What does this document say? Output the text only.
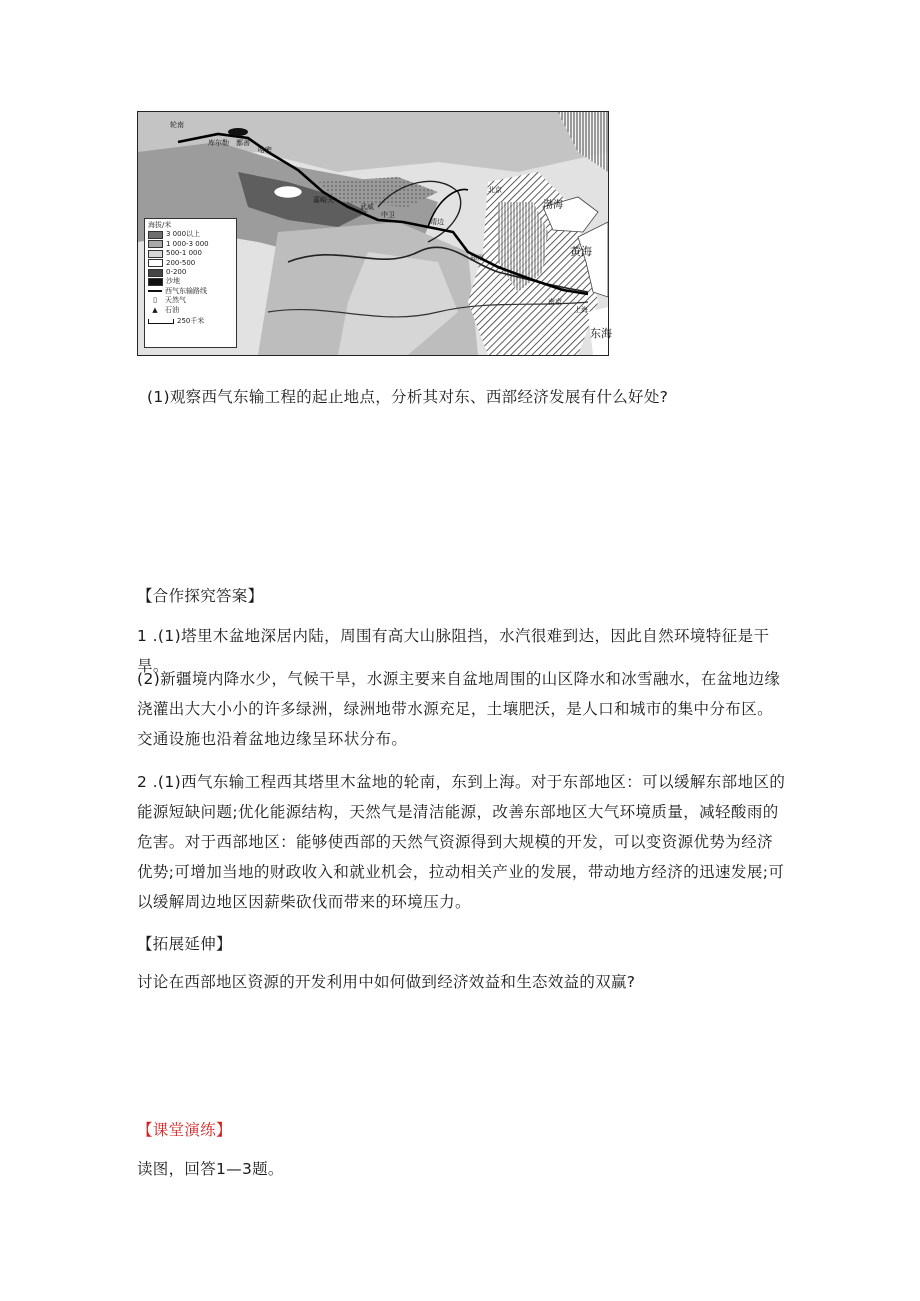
轮南
库尔勒 鄯善
哈密
嘉峪关
武威
中卫
靖边
北京
渤海
黄海
郑州
南京
上海
东海
海拔/米
3 000以上
1 000-3 000
500-1 000
200-500
0-200
沙地
西气东输路线
▯	天然气
▲	石油
250千米
(1)观察西气东输工程的起止地点，分析其对东、西部经济发展有什么好处?
【合作探究答案】
1 .(1)塔里木盆地深居内陆，周围有高大山脉阻挡，水汽很难到达，因此自然环境特征是干旱。
(2)新疆境内降水少，气候干旱，水源主要来自盆地周围的山区降水和冰雪融水，在盆地边缘浇灌出大大小小的许多绿洲，绿洲地带水源充足，土壤肥沃，是人口和城市的集中分布区。交通设施也沿着盆地边缘呈环状分布。
2 .(1)西气东输工程西其塔里木盆地的轮南，东到上海。对于东部地区：可以缓解东部地区的能源短缺问题;优化能源结构，天然气是清洁能源，改善东部地区大气环境质量，减轻酸雨的危害。对于西部地区：能够使西部的天然气资源得到大规模的开发，可以变资源优势为经济优势;可增加当地的财政收入和就业机会，拉动相关产业的发展，带动地方经济的迅速发展;可以缓解周边地区因薪柴砍伐而带来的环境压力。
【拓展延伸】
讨论在西部地区资源的开发利用中如何做到经济效益和生态效益的双赢?
【课堂演练】
读图，回答1—3题。
